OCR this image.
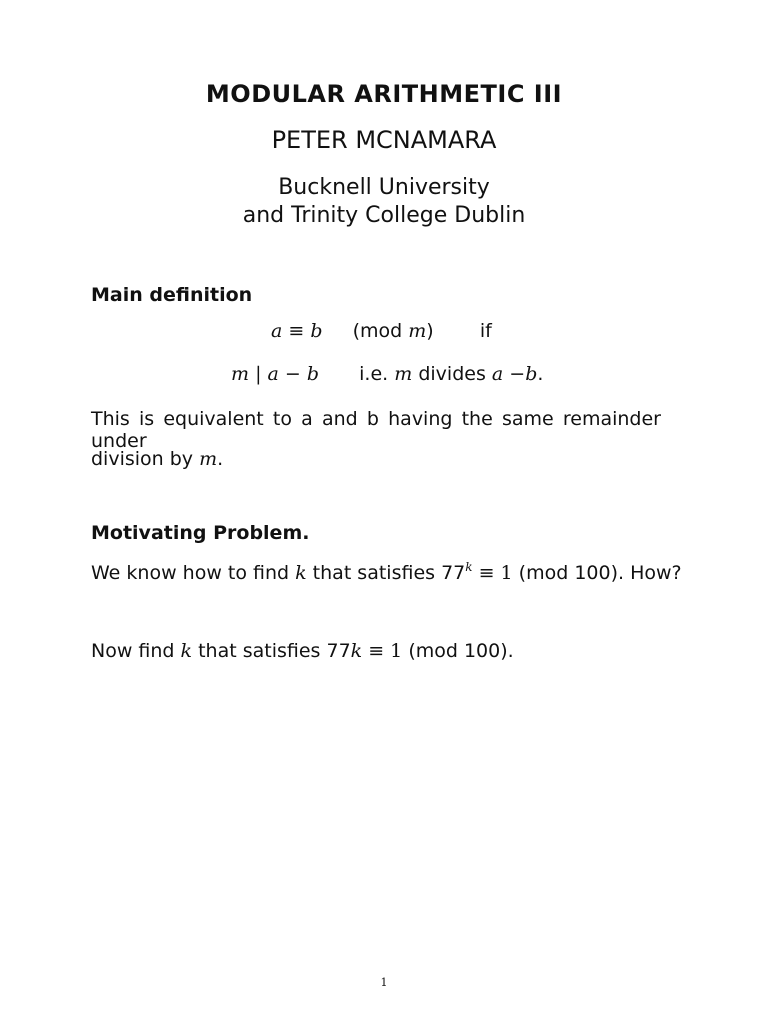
MODULAR ARITHMETIC III
PETER MCNAMARA
Bucknell University
and Trinity College Dublin
Main definition
a ≡ b (mod m) if
m | a − b i.e. m divides a −b.
This is equivalent to a and b having the same remainder under
division by m.
Motivating Problem.
We know how to find k that satisfies $77^k \equiv 1$ (mod 100). How?
Now find k that satisfies 77k ≡ 1 (mod 100).
1
